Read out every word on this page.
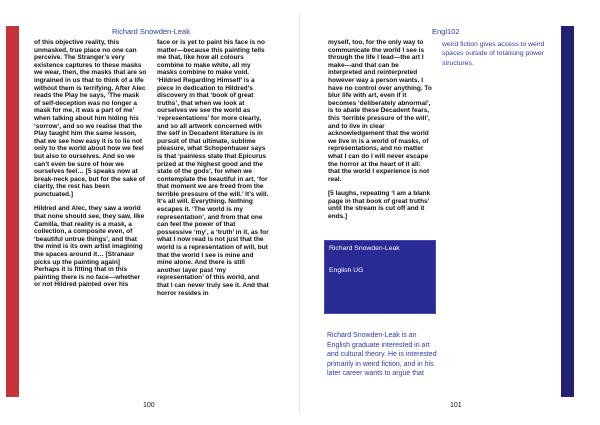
Richard Snowden-Leak	Engl102

of this objective reality, this unmasked, true place no one can perceive. The Stranger’s very existence captures to these masks we wear, then, the masks that are so ingrained in us that to think of a life without them is terrifying. After Alec reads the Play he says, ‘The mask of self-deception was no longer a mask for me, it was a part of me’ when talking about him hiding his ‘sorrow’, and so we realise that the Play taught him the same lesson, that we see how easy it is to lie not only to the world about how we feel but also to ourselves. And so we can’t even be sure of how we ourselves feel… [5 speaks now at break-neck pace, but for the sake of clarity, the rest has been punctuated.]

Hildred and Alec, they saw a world that none should see, they saw, like Camilla, that reality is a mask, a collection, a composite even, of ‘beautiful untrue things’, and that the mind is its own artist imagining the spaces around it… [Stranaur picks up the painting again] Perhaps it is fitting that in this painting there is no face—whether or not Hildred painted over his

face or is yet to paint his face is no matter—because this painting tells me that, like how all colours combine to make white, all my masks combine to make void. ‘Hildred Regarding Himself’ is a piece in dedication to Hildred’s discovery in that ‘book of great truths’, that when we look at ourselves we see the world as ‘representations’ for more clearly, and so all artwork concerned with the self in Decadent literature is in pursuit of that ultimate, sublime pleasure, what Schopenhauer says is that ‘painless state that Epicurus prized at the highest good and the state of the gods’, for when we contemplate the beautiful in art, ‘for that moment we are freed from the terrible pressure of the will.’ It’s will. It’s all will. Everything. Nothing escapes it. ‘The world is my representation’, and from that one can feel the power of that possessive ‘my’, a ‘truth’ in it, as for what I now read is not just that the world is a representation of will, but that the world I see is mine and mine alone. And there is still another layer past ‘my representation’ of this world, and that I can never truly see it. And that horror resides in

myself, too, for the only way to communicate the world I see is through the life I lead—the art I make—and that can be interpreted and reinterpreted however way a person wants. I have no control over anything. To blur life with art, even if it becomes ‘deliberately abnormal’, is to abate these Decadent fears, this ‘terrible pressure of the will’, and to live in clear acknowledgement that the world we live in is a world of masks, of representations, and no matter what I can do I will never escape the horror at the heart of it all: that the world I experience is not real.

[5 laughs, repeating ‘I am a blank page in that book of great truths’ until the stream is cut off and it ends.]

weird fiction gives access to weird spaces outside of totalising power structures.
Richard Snowden-Leak
English UG
Richard Snowden-Leak is an English graduate interested in art and cultural theory. He is interested primarily in weird fiction, and in his later career wants to argue that
100	101
